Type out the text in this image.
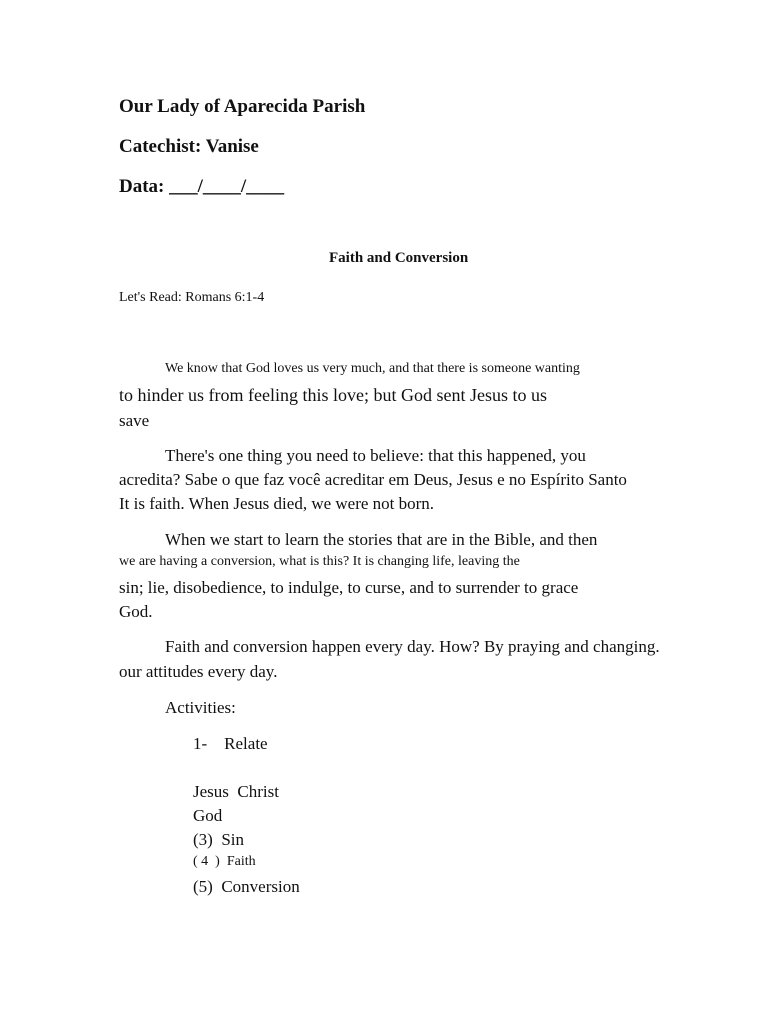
Our Lady of Aparecida Parish
Catechist: Vanise
Data: ___/____/____
Faith and Conversion
Let's Read: Romans 6:1-4
We know that God loves us very much, and that there is someone wanting
to hinder us from feeling this love; but God sent Jesus to us
save
There's one thing you need to believe: that this happened, you
acredita? Sabe o que faz você acreditar em Deus, Jesus e no Espírito Santo
It is faith. When Jesus died, we were not born.
When we start to learn the stories that are in the Bible, and then
we are having a conversion, what is this? It is changing life, leaving the
sin; lie, disobedience, to indulge, to curse, and to surrender to grace
God.
Faith and conversion happen every day. How? By praying and changing.
our attitudes every day.
Activities:
1-    Relate
Jesus  Christ
God
(3)  Sin
( 4  )  Faith
(5)  Conversion
